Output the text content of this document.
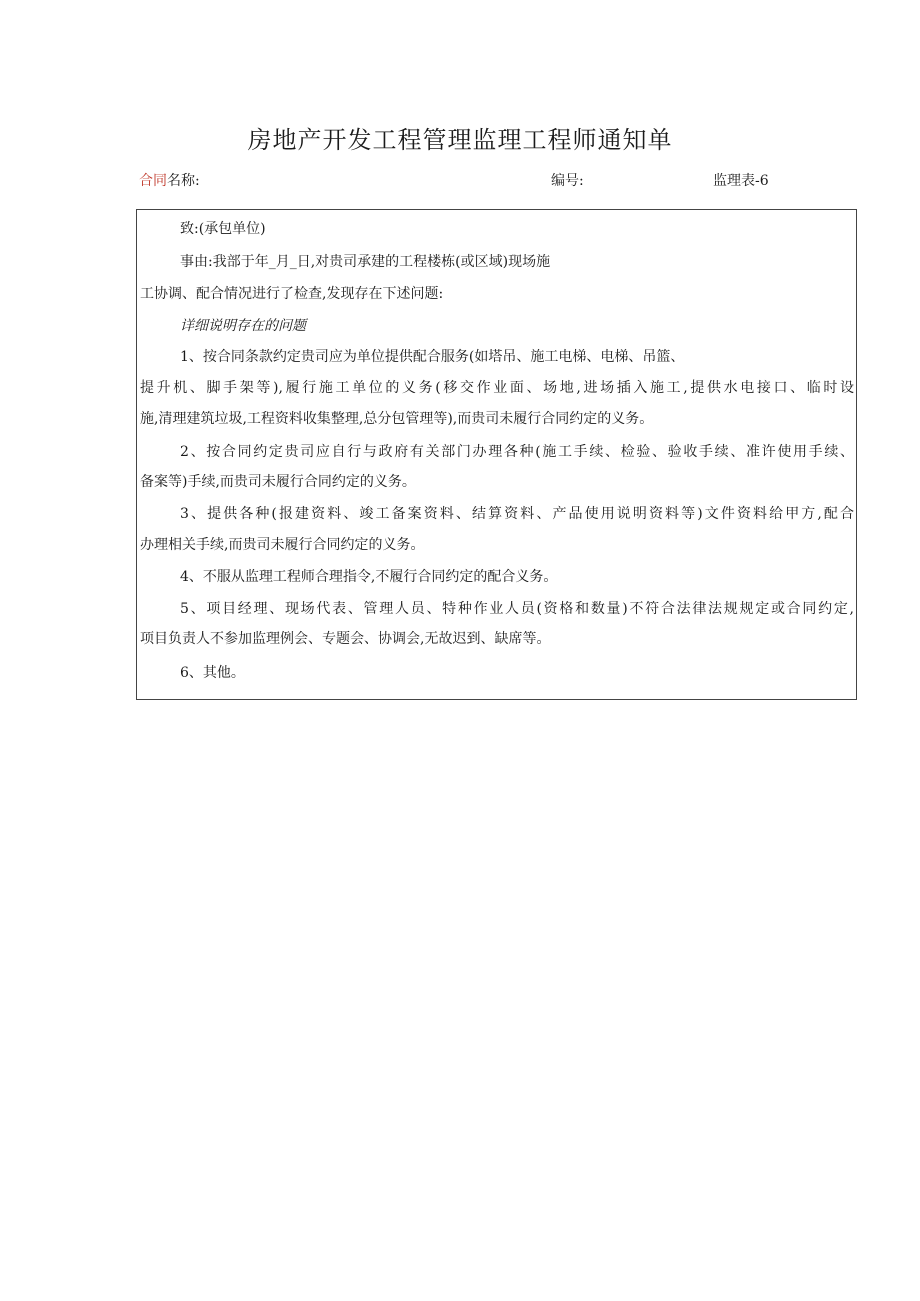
房地产开发工程管理监理工程师通知单
合同名称:	编号:	监理表-6
致:(承包单位)
事由:我部于年_月_日,对贵司承建的工程楼栋(或区域)现场施
工协调、配合情况进行了检查,发现存在下述问题:
详细说明存在的问题
1、按合同条款约定贵司应为单位提供配合服务(如塔吊、施工电梯、电梯、吊篮、
提升机、脚手架等),履行施工单位的义务(移交作业面、场地,进场插入施工,提供水电接口、临时设
施,清理建筑垃圾,工程资料收集整理,总分包管理等),而贵司未履行合同约定的义务。
2、按合同约定贵司应自行与政府有关部门办理各种(施工手续、检验、验收手续、准许使用手续、
备案等)手续,而贵司未履行合同约定的义务。
3、提供各种(报建资料、竣工备案资料、结算资料、产品使用说明资料等)文件资料给甲方,配合
办理相关手续,而贵司未履行合同约定的义务。
4、不服从监理工程师合理指令,不履行合同约定的配合义务。
5、项目经理、现场代表、管理人员、特种作业人员(资格和数量)不符合法律法规规定或合同约定,
项目负责人不参加监理例会、专题会、协调会,无故迟到、缺席等。
6、其他。
